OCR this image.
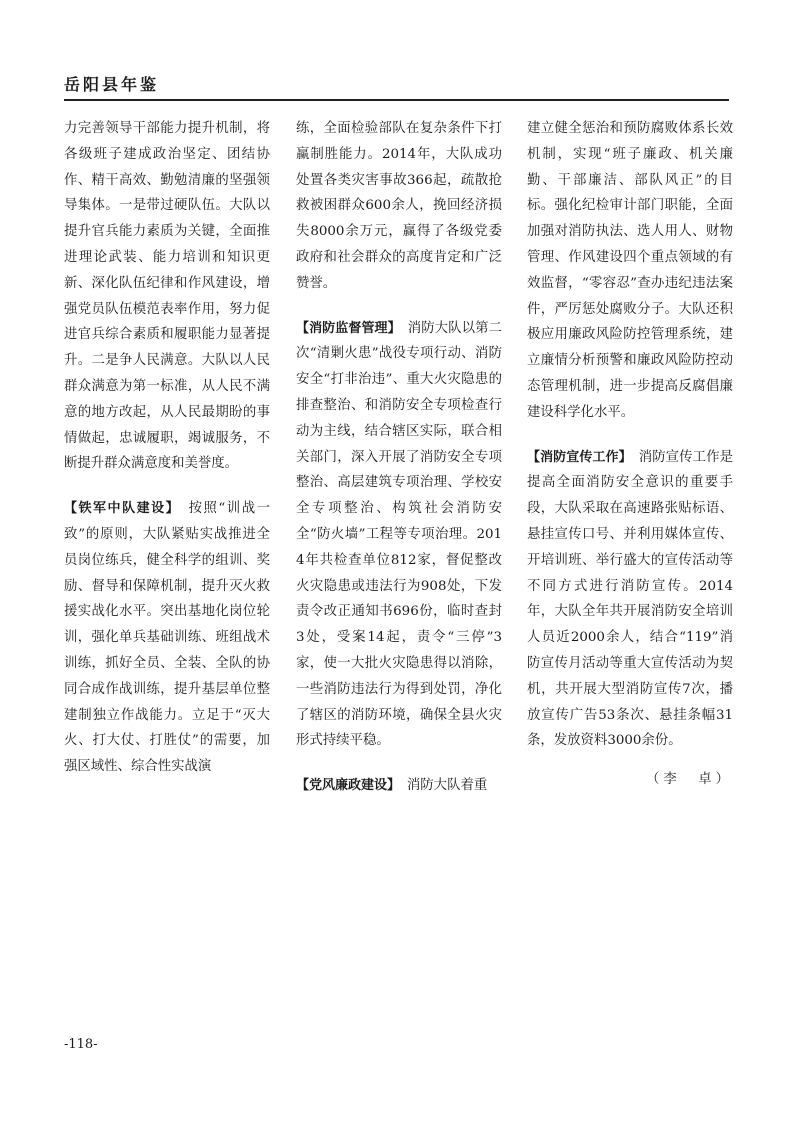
岳阳县年鉴

力完善领导干部能力提升机制，将各级班子建成政治坚定、团结协作、精干高效、勤勉清廉的坚强领导集体。一是带过硬队伍。大队以提升官兵能力素质为关键，全面推进理论武装、能力培训和知识更新、深化队伍纪律和作风建设，增强党员队伍模范表率作用，努力促进官兵综合素质和履职能力显著提升。二是争人民满意。大队以人民群众满意为第一标准，从人民不满意的地方改起，从人民最期盼的事情做起，忠诚履职，竭诚服务，不断提升群众满意度和美誉度。

【铁军中队建设】　 按照“训战一致”的原则，大队紧贴实战推进全员岗位练兵，健全科学的组训、奖励、督导和保障机制，提升灭火救援实战化水平。突出基地化岗位轮训，强化单兵基础训练、班组战术训练，抓好全员、全装、全队的协同合成作战训练，提升基层单位整建制独立作战能力。立足于“灭大火、打大仗、打胜仗”的需要，加强区域性、综合性实战演

练，全面检验部队在复杂条件下打赢制胜能力。2014年，大队成功处置各类灾害事故366起，疏散抢救被困群众600余人，挽回经济损失8000余万元，赢得了各级党委政府和社会群众的高度肯定和广泛赞誉。

【消防监督管理】　 消防大队以第二次“清剿火患”战役专项行动、消防安全“打非治违”、重大火灾隐患的排查整治、和消防安全专项检查行动为主线，结合辖区实际，联合相关部门，深入开展了消防安全专项整治、高层建筑专项治理、学校安全专项整治、构筑社会消防安全“防火墙”工程等专项治理。2014年共检查单位812家，督促整改火灾隐患或违法行为908处，下发责令改正通知书696份，临时查封3处，受案14起，责令“三停”3家，使一大批火灾隐患得以消除，一些消防违法行为得到处罚，净化了辖区的消防环境，确保全县火灾形式持续平稳。

【党风廉政建设】　 消防大队着重

建立健全惩治和预防腐败体系长效机制，实现“班子廉政、机关廉勤、干部廉洁、部队风正”的目标。强化纪检审计部门职能，全面加强对消防执法、选人用人、财物管理、作风建设四个重点领域的有效监督，“零容忍”查办违纪违法案件，严厉惩处腐败分子。大队还积极应用廉政风险防控管理系统，建立廉情分析预警和廉政风险防控动态管理机制，进一步提高反腐倡廉建设科学化水平。

【消防宣传工作】　 消防宣传工作是提高全面消防安全意识的重要手段，大队采取在高速路张贴标语、悬挂宣传口号、并利用媒体宣传、开培训班、举行盛大的宣传活动等不同方式进行消防宣传。2014年，大队全年共开展消防安全培训人员近2000余人，结合“119”消防宣传月活动等重大宣传活动为契机，共开展大型消防宣传7次，播放宣传广告53条次、悬挂条幅31条，发放资料3000余份。

（李　卓）
-118-
